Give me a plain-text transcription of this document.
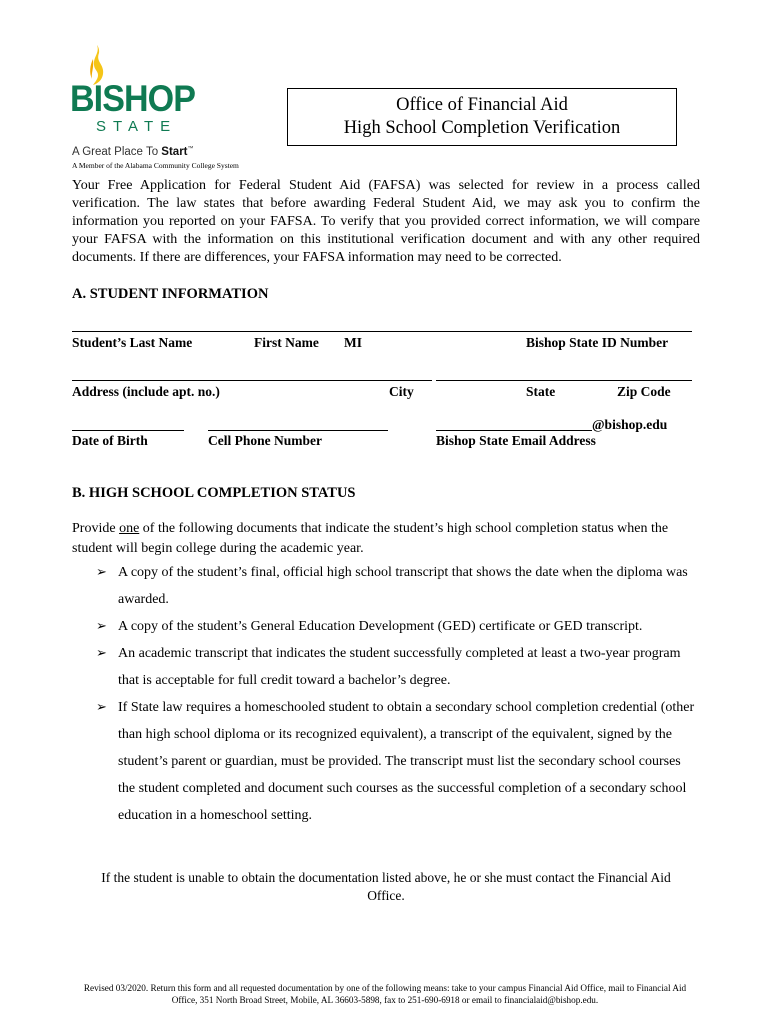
BISHOP
STATE
A Great Place To Start™
A Member of the Alabama Community College System
Office of Financial Aid
High School Completion Verification
Your Free Application for Federal Student Aid (FAFSA) was selected for review in a process called verification. The law states that before awarding Federal Student Aid, we may ask you to confirm the information you reported on your FAFSA. To verify that you provided correct information, we will compare your FAFSA with the information on this institutional verification document and with any other required documents. If there are differences, your FAFSA information may need to be corrected.
A. STUDENT INFORMATION
Student’s Last Name	First Name MI	Bishop State ID Number
Address (include apt. no.)	City	State	Zip Code
@bishop.edu
Date of Birth	Cell Phone Number	Bishop State Email Address
B. HIGH SCHOOL COMPLETION STATUS
Provide one of the following documents that indicate the student’s high school completion status when the student will begin college during the academic year.
➢ A copy of the student’s final, official high school transcript that shows the date when the diploma was awarded.
➢ A copy of the student’s General Education Development (GED) certificate or GED transcript.
➢ An academic transcript that indicates the student successfully completed at least a two-year program that is acceptable for full credit toward a bachelor’s degree.
➢ If State law requires a homeschooled student to obtain a secondary school completion credential (other than high school diploma or its recognized equivalent), a transcript of the equivalent, signed by the student’s parent or guardian, must be provided. The transcript must list the secondary school courses the student completed and document such courses as the successful completion of a secondary school education in a homeschool setting.
If the student is unable to obtain the documentation listed above, he or she must contact the Financial Aid Office.
Revised 03/2020. Return this form and all requested documentation by one of the following means: take to your campus Financial Aid Office, mail to Financial Aid Office, 351 North Broad Street, Mobile, AL 36603-5898, fax to 251-690-6918 or email to financialaid@bishop.edu.
